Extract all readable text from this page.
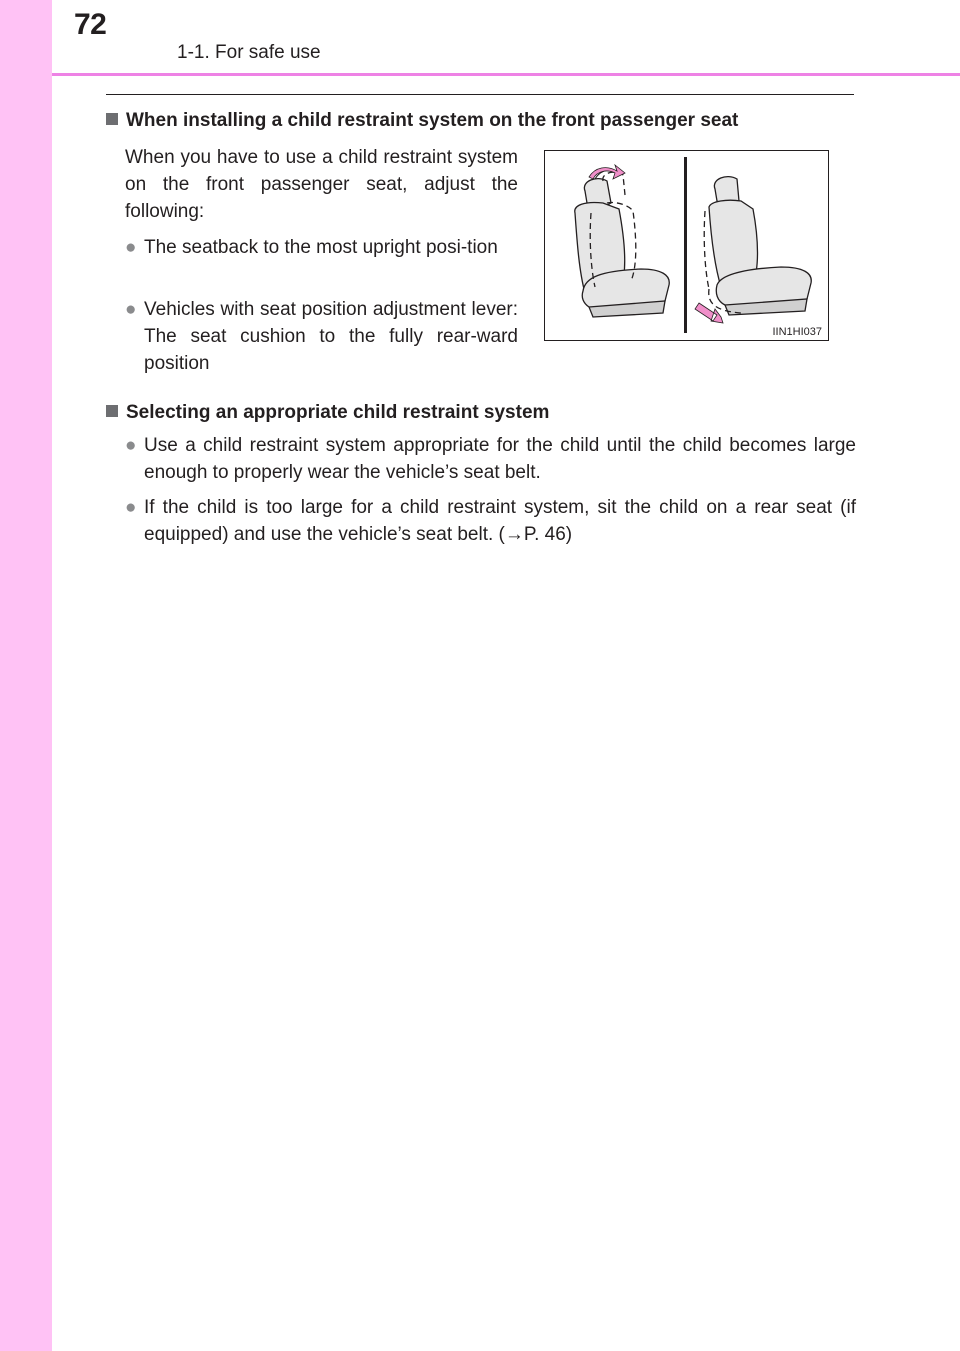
72
1-1. For safe use
When installing a child restraint system on the front passenger seat
When you have to use a child restraint system on the front passenger seat, adjust the following:
● The seatback to the most upright posi-tion
● Vehicles with seat position adjustment lever: The seat cushion to the fully rear-ward position
IIN1HI037
Selecting an appropriate child restraint system
● Use a child restraint system appropriate for the child until the child becomes large enough to properly wear the vehicle’s seat belt.
● If the child is too large for a child restraint system, sit the child on a rear seat (if equipped) and use the vehicle’s seat belt. (→P. 46)
